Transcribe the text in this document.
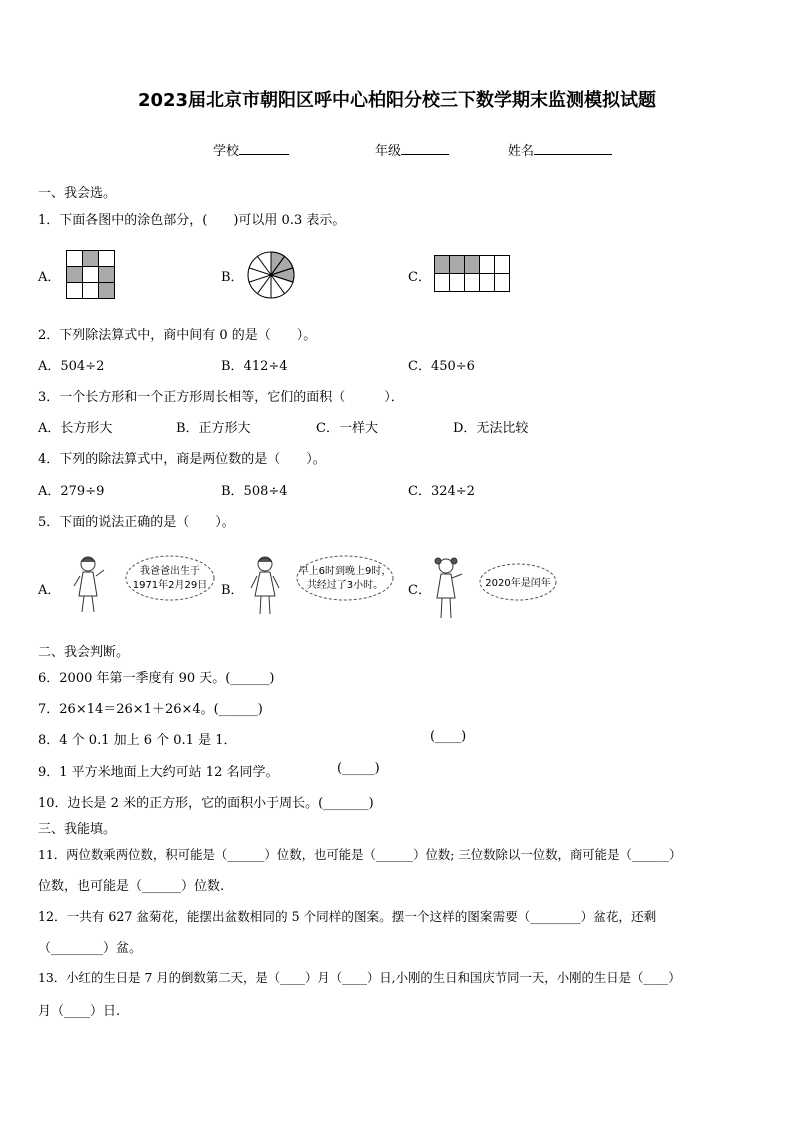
2023届北京市朝阳区呼中心柏阳分校三下数学期末监测模拟试题
学校	年级	姓名
一、我会选。
1．下面各图中的涂色部分，(　　)可以用 0.3 表示。
A．	B．	C．
2．下列除法算式中，商中间有 0 的是（　　）。
A．504÷2	B．412÷4	C．450÷6
3．一个长方形和一个正方形周长相等，它们的面积（　　　）．
A．长方形大	B．正方形大	C．一样大	D．无法比较
4．下列的除法算式中，商是两位数的是（　　）。
A．279÷9	B．508÷4	C．324÷2
5．下面的说法正确的是（　　）。
A．
我爸爸出生于
1971年2月29日 B．
早上6时到晚上9时，
共经过了3小时。 C．	2020年是闰年
二、我会判断。
6．2000 年第一季度有 90 天。(______)
7．26×14＝26×1＋26×4。(______)
8．4 个 0.1 加上 6 个 0.1 是 1．	(____)
9．1 平方米地面上大约可站 12 名同学。	(_____)
10．边长是 2 米的正方形，它的面积小于周长。(_______)
三、我能填。
11．两位数乘两位数，积可能是（______）位数，也可能是（______）位数; 三位数除以一位数，商可能是（______）
位数，也可能是（______）位数.
12．一共有 627 盆菊花，能摆出盆数相同的 5 个同样的图案。摆一个这样的图案需要（________）盆花，还剩
（________）盆。
13．小红的生日是 7 月的倒数第二天，是（____）月（____）日,小刚的生日和国庆节同一天，小刚的生日是（____）
月（____）日.
